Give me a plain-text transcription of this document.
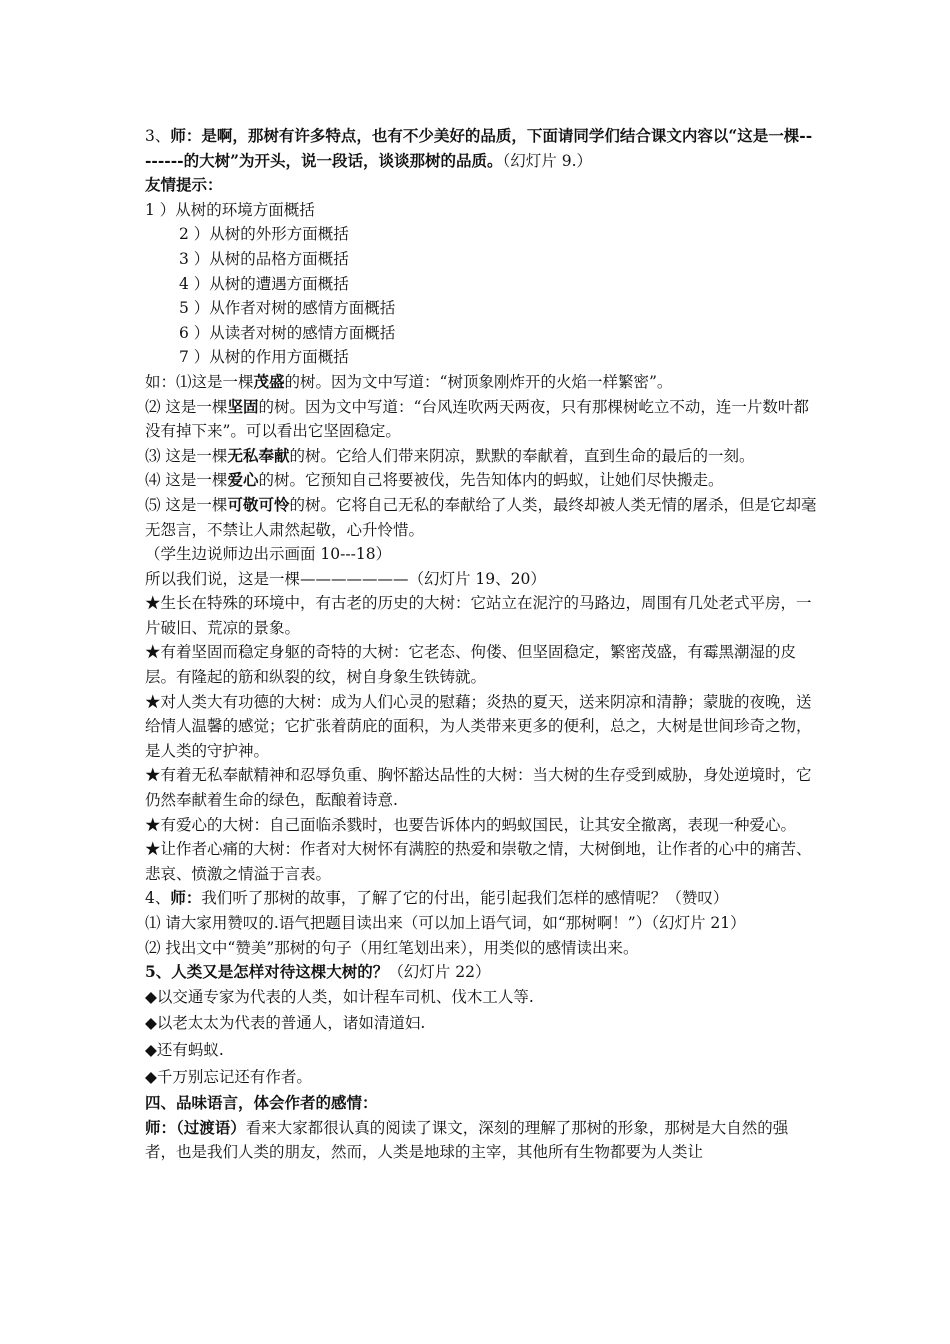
3、师：是啊，那树有许多特点，也有不少美好的品质，下面请同学们结合课文内容以“这是一棵--------的大树”为开头，说一段话，谈谈那树的品质。（幻灯片 9.）

友情提示：

1 ）从树的环境方面概括

2 ）从树的外形方面概括

3 ）从树的品格方面概括

4 ）从树的遭遇方面概括

5 ）从作者对树的感情方面概括

6 ）从读者对树的感情方面概括

7 ）从树的作用方面概括

如：⑴这是一棵茂盛的树。因为文中写道：“树顶象刚炸开的火焰一样繁密”。

⑵ 这是一棵坚固的树。因为文中写道：“台风连吹两天两夜，只有那棵树屹立不动，连一片数叶都没有掉下来”。可以看出它坚固稳定。

⑶ 这是一棵无私奉献的树。它给人们带来阴凉，默默的奉献着，直到生命的最后的一刻。

⑷ 这是一棵爱心的树。它预知自己将要被伐，先告知体内的蚂蚁，让她们尽快搬走。

⑸ 这是一棵可敬可怜的树。它将自己无私的奉献给了人类，最终却被人类无情的屠杀，但是它却毫无怨言，不禁让人肃然起敬，心升怜惜。

（学生边说师边出示画面 10---18）

所以我们说，这是一棵———————（幻灯片 19、20）

★生长在特殊的环境中，有古老的历史的大树：它站立在泥泞的马路边，周围有几处老式平房，一片破旧、荒凉的景象。

★有着坚固而稳定身躯的奇特的大树：它老态、佝偻、但坚固稳定，繁密茂盛，有霉黑潮湿的皮层。有隆起的筋和纵裂的纹，树自身象生铁铸就。

★对人类大有功德的大树：成为人们心灵的慰藉；炎热的夏天，送来阴凉和清静；蒙胧的夜晚，送给情人温馨的感觉；它扩张着荫庇的面积，为人类带来更多的便利，总之，大树是世间珍奇之物，是人类的守护神。

★有着无私奉献精神和忍辱负重、胸怀豁达品性的大树：当大树的生存受到威胁，身处逆境时，它仍然奉献着生命的绿色，酝酿着诗意.

★有爱心的大树：自己面临杀戮时，也要告诉体内的蚂蚁国民，让其安全撤离，表现一种爱心。

★让作者心痛的大树：作者对大树怀有满腔的热爱和崇敬之情，大树倒地，让作者的心中的痛苦、悲哀、愤激之情溢于言表。

4、师：我们听了那树的故事，了解了它的付出，能引起我们怎样的感情呢？（赞叹）

⑴ 请大家用赞叹的.语气把题目读出来（可以加上语气词，如“那树啊！”）（幻灯片 21）

⑵ 找出文中“赞美”那树的句子（用红笔划出来），用类似的感情读出来。

5、人类又是怎样对待这棵大树的？（幻灯片 22）

◆以交通专家为代表的人类，如计程车司机、伐木工人等.

◆以老太太为代表的普通人，诸如清道妇.

◆还有蚂蚁.

◆千万别忘记还有作者。

四、品味语言，体会作者的感情：

师：（过渡语）看来大家都很认真的阅读了课文，深刻的理解了那树的形象，那树是大自然的强者，也是我们人类的朋友，然而，人类是地球的主宰，其他所有生物都要为人类让
